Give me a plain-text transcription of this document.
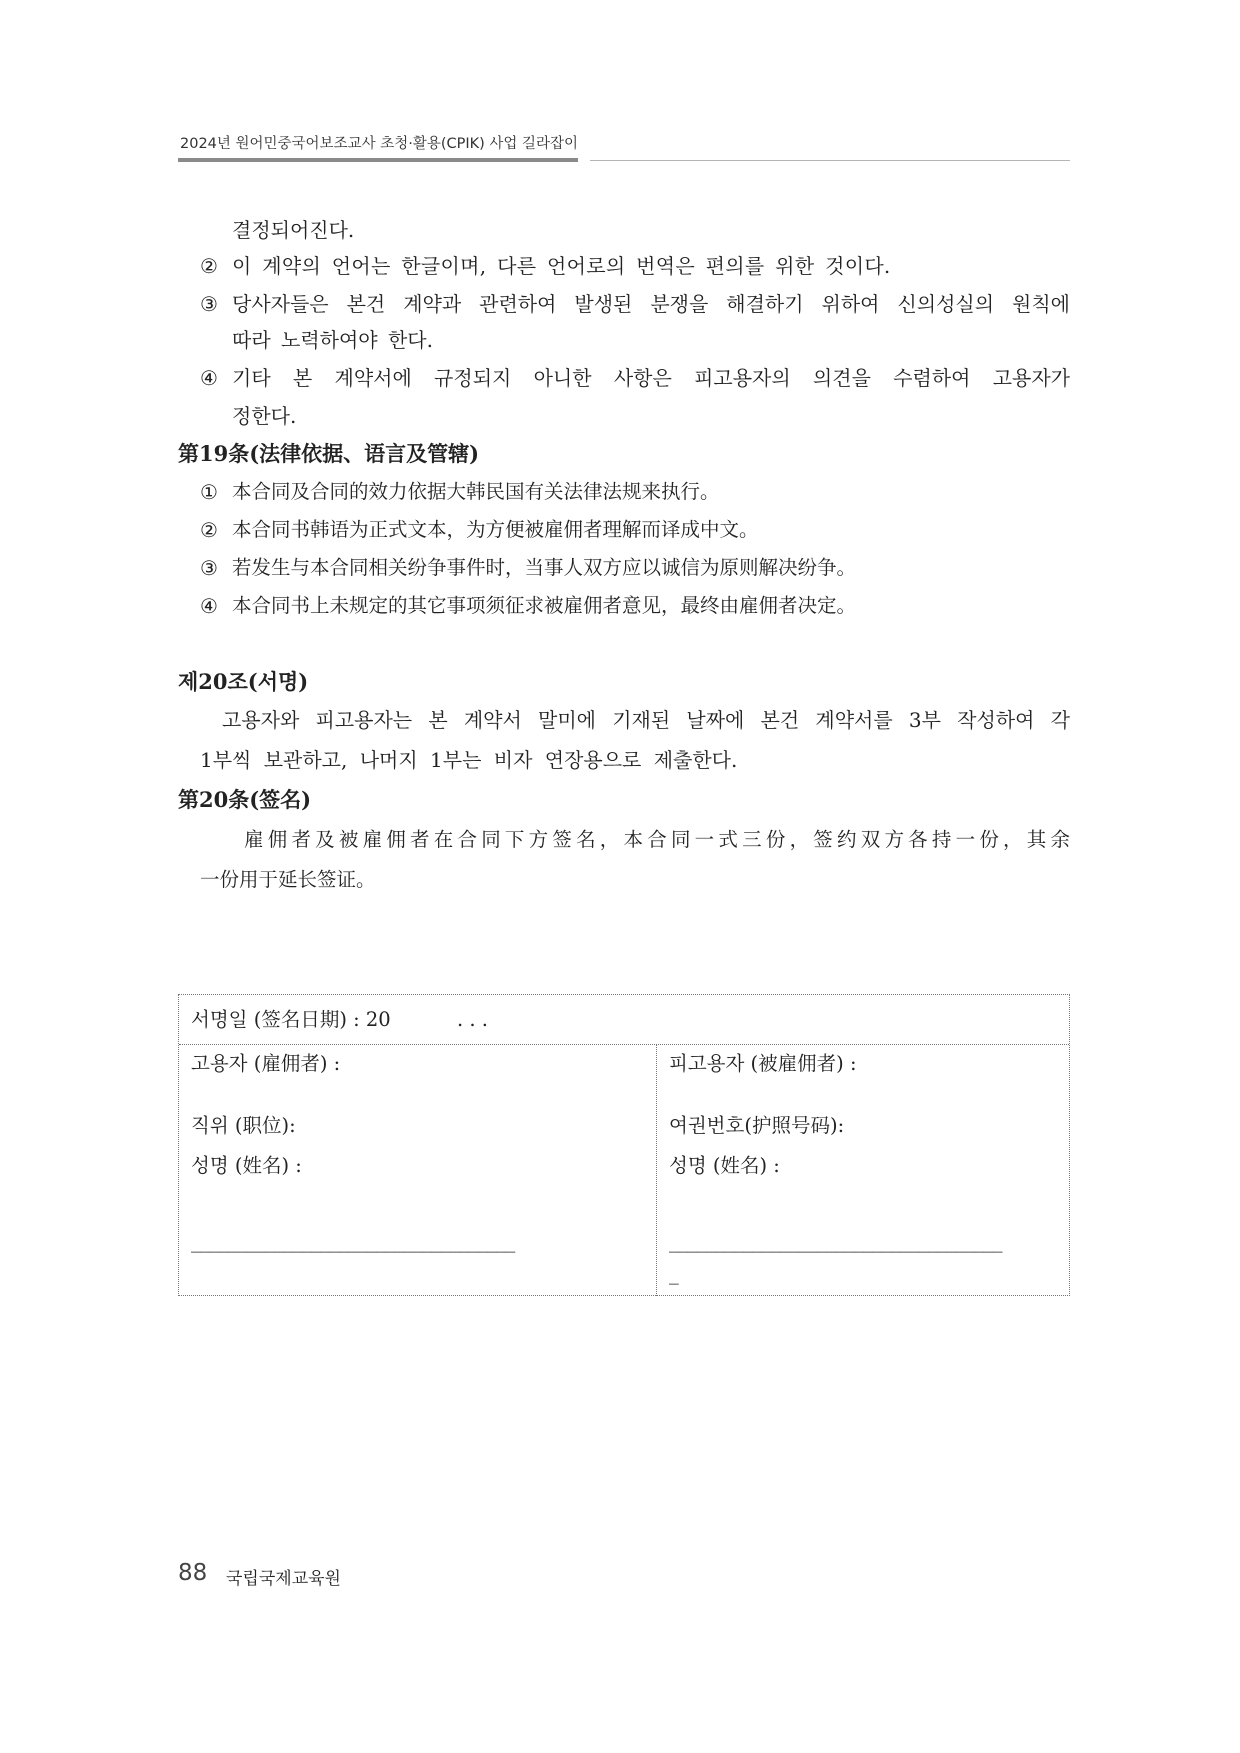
2024년 원어민중국어보조교사 초청·활용(CPIK) 사업 길라잡이
결정되어진다.
② 이 계약의 언어는 한글이며, 다른 언어로의 번역은 편의를 위한 것이다.
③ 당사자들은 본건 계약과 관련하여 발생된 분쟁을 해결하기 위하여 신의성실의 원칙에
따라 노력하여야 한다.
④ 기타 본 계약서에 규정되지 아니한 사항은 피고용자의 의견을 수렴하여 고용자가
정한다.
第19条(法律依据、语言及管辖)
① 本合同及合同的效力依据大韩民国有关法律法规来执行。
② 本合同书韩语为正式文本，为方便被雇佣者理解而译成中文。
③ 若发生与本合同相关纷争事件时，当事人双方应以诚信为原则解决纷争。
④ 本合同书上未规定的其它事项须征求被雇佣者意见，最终由雇佣者决定。
제20조(서명)
고용자와 피고용자는 본 계약서 말미에 기재된 날짜에 본건 계약서를 3부 작성하여 각
1부씩 보관하고, 나머지 1부는 비자 연장용으로 제출한다.
第20条(签名)
雇佣者及被雇佣者在合同下方签名，本合同一式三份，签约双方各持一份，其余
一份用于延长签证。
서명일 (签名日期) : 20	. . .
고용자 (雇佣者) :
직위 (职位):
성명 (姓名) :
___________________________________
피고용자 (被雇佣者) :
여권번호(护照号码):
성명 (姓名) :
____________________________________
_
88 국립국제교육원
